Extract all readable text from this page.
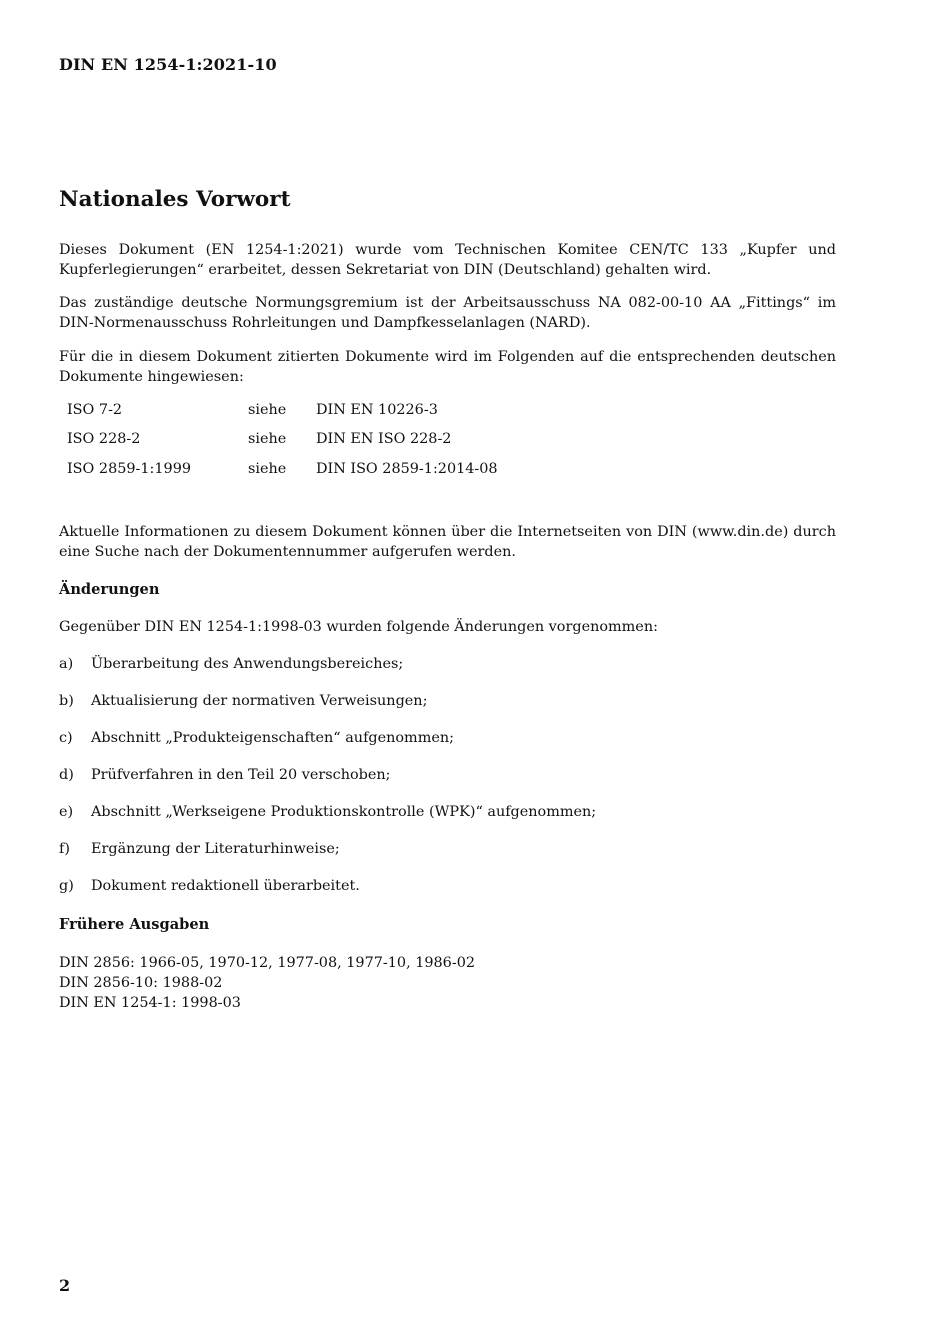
DIN EN 1254-1:2021-10
Nationales Vorwort
Dieses Dokument (EN 1254-1:2021) wurde vom Technischen Komitee CEN/TC 133 „Kupfer und Kupferlegierungen“ erarbeitet, dessen Sekretariat von DIN (Deutschland) gehalten wird.
Das zuständige deutsche Normungsgremium ist der Arbeitsausschuss NA 082-00-10 AA „Fittings“ im DIN-Normenausschuss Rohrleitungen und Dampfkesselanlagen (NARD).
Für die in diesem Dokument zitierten Dokumente wird im Folgenden auf die entsprechenden deutschen Dokumente hingewiesen:
ISO 7-2	siehe DIN EN 10226-3
ISO 228-2	siehe DIN EN ISO 228-2
ISO 2859-1:1999	siehe DIN ISO 2859-1:2014-08
Aktuelle Informationen zu diesem Dokument können über die Internetseiten von DIN (www.din.de) durch eine Suche nach der Dokumentennummer aufgerufen werden.
Änderungen
Gegenüber DIN EN 1254-1:1998-03 wurden folgende Änderungen vorgenommen:
a) Überarbeitung des Anwendungsbereiches;
b) Aktualisierung der normativen Verweisungen;
c) Abschnitt „Produkteigenschaften“ aufgenommen;
d) Prüfverfahren in den Teil 20 verschoben;
e) Abschnitt „Werkseigene Produktionskontrolle (WPK)“ aufgenommen;
f) Ergänzung der Literaturhinweise;
g) Dokument redaktionell überarbeitet.
Frühere Ausgaben
DIN 2856: 1966-05, 1970-12, 1977-08, 1977-10, 1986-02
DIN 2856-10: 1988-02
DIN EN 1254-1: 1998-03
2
